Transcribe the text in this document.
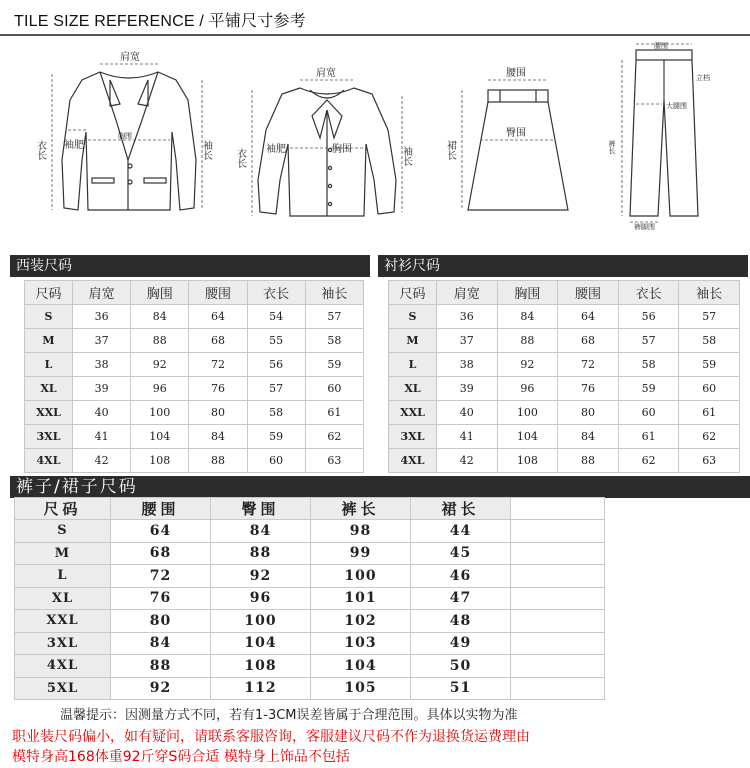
TILE SIZE REFERENCE / 平铺尺寸参考
肩宽
胸围
衣长 袖肥	袖长
肩宽
胸围
衣长 袖肥	袖长
腰围
臀围
裙长
腰围
立档
大腿围
裤长
裤脚围
西装尺码
尺码	肩宽	胸围	腰围	衣长	袖长
S	36	84	64	54	57
M	37	88	68	55	58
L	38	92	72	56	59
XL	39	96	76	57	60
XXL	40	100	80	58	61
3XL	41	104	84	59	62
4XL	42	108	88	60	63
衬衫尺码
尺码	肩宽	胸围	腰围	衣长	袖长
S	36	84	64	56	57
M	37	88	68	57	58
L	38	92	72	58	59
XL	39	96	76	59	60
XXL	40	100	80	60	61
3XL	41	104	84	61	62
4XL	42	108	88	62	63
裤子/裙子尺码
尺码	腰围	臀围	裤长	裙长	
S	64	84	98	44	
M	68	88	99	45	
L	72	92	100	46	
XL	76	96	101	47	
XXL	80	100	102	48	
3XL	84	104	103	49	
4XL	88	108	104	50	
5XL	92	112	105	51	
温馨提示：因测量方式不同，若有1-3CM误差皆属于合理范围。具体以实物为准
职业装尺码偏小，如有疑问，请联系客服咨询，客服建议尺码不作为退换货运费理由
模特身高168体重92斤穿S码合适 模特身上饰品不包括
